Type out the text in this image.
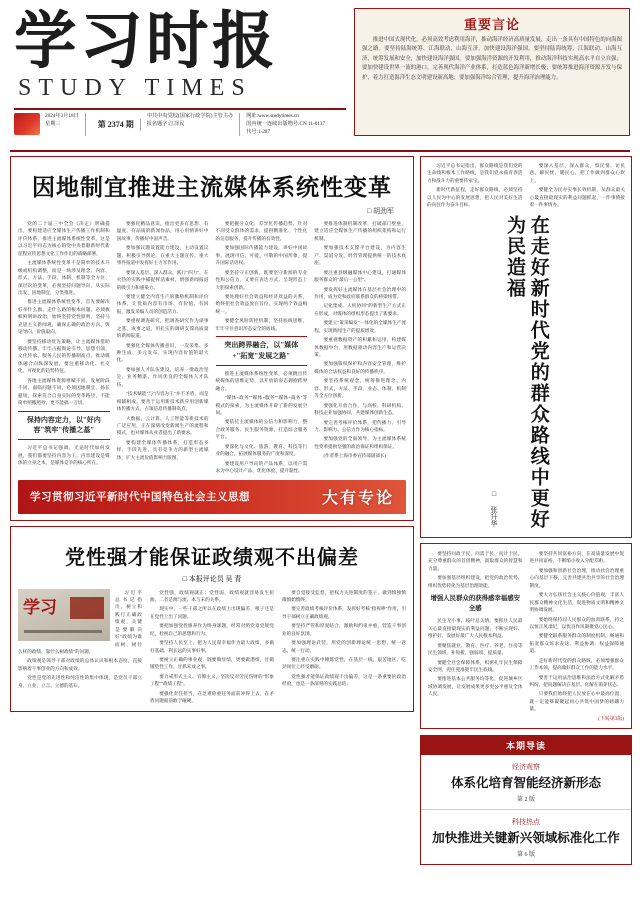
学习时报
STUDY TIMES
2024年3月18日
星期三	第 2374 期
中共中央党校(国家行政学院)主管主办
报名题字:江泽民
网址:www.studytimes.cn
国内统一连续出版物号:CN 11-0137
代号:1-287
重要言论
推进中国式现代化，必须高效考虑利用海洋，推动海洋经济高质量发展，走出一条具有中国特色的向海图强之路。要坚持陆海统筹、江海联动、山海互济，加快建设海洋强国。要坚持陆海统筹、江海联动、山海互济，统筹发展和安全，加快建设海洋强国。要加强海洋资源的开发利用，推动海洋科技实现高水平自立自强；要加快建设世界一流的港口，完善现代海洋产业体系，打造蓝色海洋新增长极；要统筹推进海洋资源开发与保护，着力打造海洋生态文明建设新高地；要加强海洋综合管理，提升海洋治理能力。
因地制宜推进主流媒体系统性变革
□ 胡劲军

党的二十届三中全会《决定》明确提出，要构建适应全媒体生产传播工作机制和评价体系，推进主流媒体系统性变革。这是以习近平同志为核心的党中央着眼新时代新征程宣传思想文化工作作出的战略部署。

主流媒体系统性变革不是简单的技术升级或机构调整，而是一场涉及理念、内容、形式、方法、手段、体制、机制等全方位、深层次的变革，必须坚持问题导向，从实际出发，因地制宜，分类推进。

推进主流媒体系统性变革，首先要解决好举什么旗、走什么路的根本问题。必须旗帜鲜明讲政治，始终坚持党性原则，坚持马克思主义新闻观，确保正确的政治方向、舆论导向、价值取向。

要坚持移动优先策略，让主流媒体借助移动传播，牢牢占据舆论引导、思想引领、文化传承、服务人民的传播制高点。推动媒体融合向纵深发展，要注重移动化、社交化、可视化的趋势特征。

各地主流媒体资源禀赋不同、发展阶段不同、面临问题不同，必须因地制宜、扬长避短，探索符合自身实际的变革路径，不能简单照搬照抄，更不能搞一刀切。

保持内容定力，以"好内容"筑牢"传播之基"

习近平总书记强调，无论时代如何发展，我们都要坚持内容为王。内容建设是媒体的立身之本，是媒体竞争的核心所在。

要强化精品意识，推出更多有思想、有温度、有品质的新闻作品，用心用情讲好中国故事、传播好中国声音。

要加强议题设置能力建设，主动设置议题、积极引导舆论，在重大主题宣传、重大事件报道中发挥好主力军作用。

要深入基层、深入群众，践行"四力"，在火热的实践中捕捉鲜活素材，增强新闻报道的吸引力和感染力。

要建立健全内容生产的激励机制和评价体系，让优质内容有市场、有价值、有回报，激发采编人员的创造活力。

要重视调查研究，把调查研究作为谋事之基、成事之道，用扎实的调研支撑高质量的新闻报道。

要强化全媒体传播意识，一次采集、多种生成、多元发布，实现内容价值的最大化。

要加强人才队伍建设，培养一批政治坚定、业务精湛、作风优良的全媒体人才队伍。

"技术赋能"与"内容为王"并不矛盾，而是相辅相成。要善于运用新技术新应用创新媒体传播方式，占领信息传播制高点。

大数据、云计算、人工智能等新技术的广泛应用，正在深刻改变新闻生产的流程和模式，也对媒体从业者提出了新要求。

要构建全媒体传播体系，打造形态多样、手段先进、具有竞争力的新型主流媒体，扩大主流价值影响力版图。

要把握分众化、差异化传播趋势，针对不同受众群体的需求，提供精准化、个性化的信息服务，提升传播的有效性。

要加强国际传播能力建设，讲好中国故事，展现可信、可爱、可敬的中国形象，提升国际话语权。

要坚持守正创新，既要坚守新闻的专业性和公信力，又要在表达方式、呈现形态上大胆探索创新。

要处理好社会效益和经济效益的关系，始终把社会效益放在首位，实现两个效益相统一。

要健全风险防控机制，坚持底线思维，牢牢守住意识形态安全的底线。

突出跨界融合，以"媒体+"拓宽"发展之路"

推进主流媒体系统性变革，必须跳出传统媒体的思维定势，以开放的姿态拥抱跨界融合。

"媒体+政务""媒体+服务""媒体+商务"等模式的探索，为主流媒体开辟了新的发展空间。

要依托主流媒体的公信力和影响力，整合政务服务、民生服务资源，打造综合服务平台。

要深化与文化、旅游、教育、科技等行业的融合，拓展媒体服务的广度和深度。

要建设用户导向的产品体系，以用户需求为中心设计产品、优化体验、提升黏性。

要推进体制机制改革，打破部门壁垒，建立适应全媒体生产传播的组织架构和运行机制。

要加强技术支撑平台建设，为内容生产、渠道分发、经营管理提供统一的技术底座。

要注重县级融媒体中心建设，打通媒体服务群众的"最后一公里"。

要发挥好主流媒体在基层社会治理中的作用，成为党和政府联系群众的桥梁纽带。

记化集成、人机协同"的新型生产方式正在形成，对媒体的组织形态提出了新要求。

要建立"策采编发"一体化的全媒体生产流程，实现新闻生产的提质增效。

要重视数据资产的积累和运用，构建媒体数据中台，用数据驱动内容生产和运营决策。

要加强版权保护和内容安全管理，维护媒体的合法权益和良好的传播秩序。

要坚持系统观念，统筹推进理念、内容、形式、方法、手段、业态、体制、机制等全方位创新。

要强化开放合作，与高校、科研机构、科技企业加强协同，共建媒体创新生态。

要完善考核评价体系，把传播力、引导力、影响力、公信力作为核心指标。

要加强党的全面领导，为主流媒体系统性变革提供坚强的政治保证和组织保证。

(作者系上海市委宣传部副部长)

学习贯彻习近平新时代中国特色社会主义思想	大有专论
党性强才能保证政绩观不出偏差
□ 本报评论员 吴 青
学习

习近平总书记指出，树立和践行正确政绩观，关键是要解决好"政绩为谁而树、树什么样的政绩、靠什么树政绩"的问题。

政绩观是领导干部对政绩的总体认识和根本态度，直接影响着干事创业的方向和成效。

党性是党的先进性和纯洁性的集中体现，是党员干部立身、立业、立言、立德的基石。

党性强，政绩观就正；党性弱，政绩观就容易发生扭曲。二者是源与流、本与末的关系。

现实中，一些干部之所以在政绩上出现偏差，根子还是在党性上出了问题。

要把加强党性修养作为终身课题，经常对照党章党规党纪，检视自己的思想和行为。

要坚持人民至上，把为人民谋幸福作为最大政绩，多做打基础、利长远的实事好事。

要树立正确的事业观，既要做显绩，更要做潜绩，甘做铺垫性工作，甘抓未成之事。

要力戒形式主义、官僚主义，坚决反对劳民伤财的"形象工程""政绩工程"。

要强化责任担当，在急难险重任务面前冲得上去，在矛盾问题面前敢于碰硬。

要自觉接受监督，把权力关进制度的笼子，做到慎独慎微慎始慎终。

要完善政绩考核评价体系，发挥好考核"指挥棒"作用，引导干部树立正确政绩观。

要坚持严管和厚爱结合，激励和约束并重，营造干事创业的良好氛围。

要加强理论武装，用党的创新理论统一思想、统一意志、统一行动。

要注重在实践中锤炼党性，在基层一线、艰苦地区、吃劲岗位上经受磨砺。

党性强才能保证政绩观不出偏差，这是一条重要的政治经验，也是一条深刻的实践总结。

习近平总书记指出，群众路线是我们党的生命线和根本工作路线，是我们党永葆青春活力和战斗力的重要传家宝。

新时代新征程，走好群众路线，必须坚持以人民为中心的发展思想，把人民对美好生活的向往作为奋斗目标。

要深入基层、深入群众，察民情、访民意、解民忧、暖民心，把工作做到群众心坎上。

要健全为民办实事长效机制，从群众最关心最直接最现实的利益问题抓起，一件事情接着一件事情办。

在走好新时代党的群众路线中更好为民造福
□ 张升华

要坚持问政于民、问需于民、问计于民，充分尊重群众的首创精神，汲取群众的智慧和力量。

要加强基层组织建设，把党的政治优势、组织优势转化为基层治理效能。

增强人民群众的获得感幸福感安全感

民生无小事，枝叶总关情。要抓住人民最关心最直接最现实的利益问题，不断实现好、维护好、发展好最广大人民根本利益。

要聚焦就业、教育、医疗、养老、住房等民生领域，补短板、强弱项、提质量。

要健全社会保障体系，织密扎牢民生保障安全网，兜住兜准兜牢民生底线。

要推进基本公共服务均等化，促进城乡区域协调发展，让发展成果更多更公平惠及全体人民。

要坚持共同富裕方向，在高质量发展中促进共同富裕，不断缩小收入分配差距。

要加强和创新社会治理，推动社会治理重心向基层下移，完善共建共治共享的社会治理制度。

要大力弘扬社会主义核心价值观，丰富人民群众精神文化生活，促进物质文明和精神文明协调发展。

要始终保持同人民群众的血肉联系，持之以恒正风肃纪，以优良作风凝聚党心民心。

要健全联系服务群众的制度机制，畅通和拓宽群众诉求表达、利益协调、权益保障通道。

走好新时代党的群众路线，必须增强群众工作本领，提高做好群众工作的能力水平。

要善于运用法治思维和法治方式化解矛盾纠纷，把问题解决在基层、化解在萌芽状态。

只要我们始终把人民放在心中最高位置，就一定能够凝聚起同心共筑中国梦的磅礴力量。

(下转第3版)
本期导读
经济观察
体系化培育智能经济新形态
第 2 版
科技热点
加快推进关键新兴领域标准化工作
第 6 版
